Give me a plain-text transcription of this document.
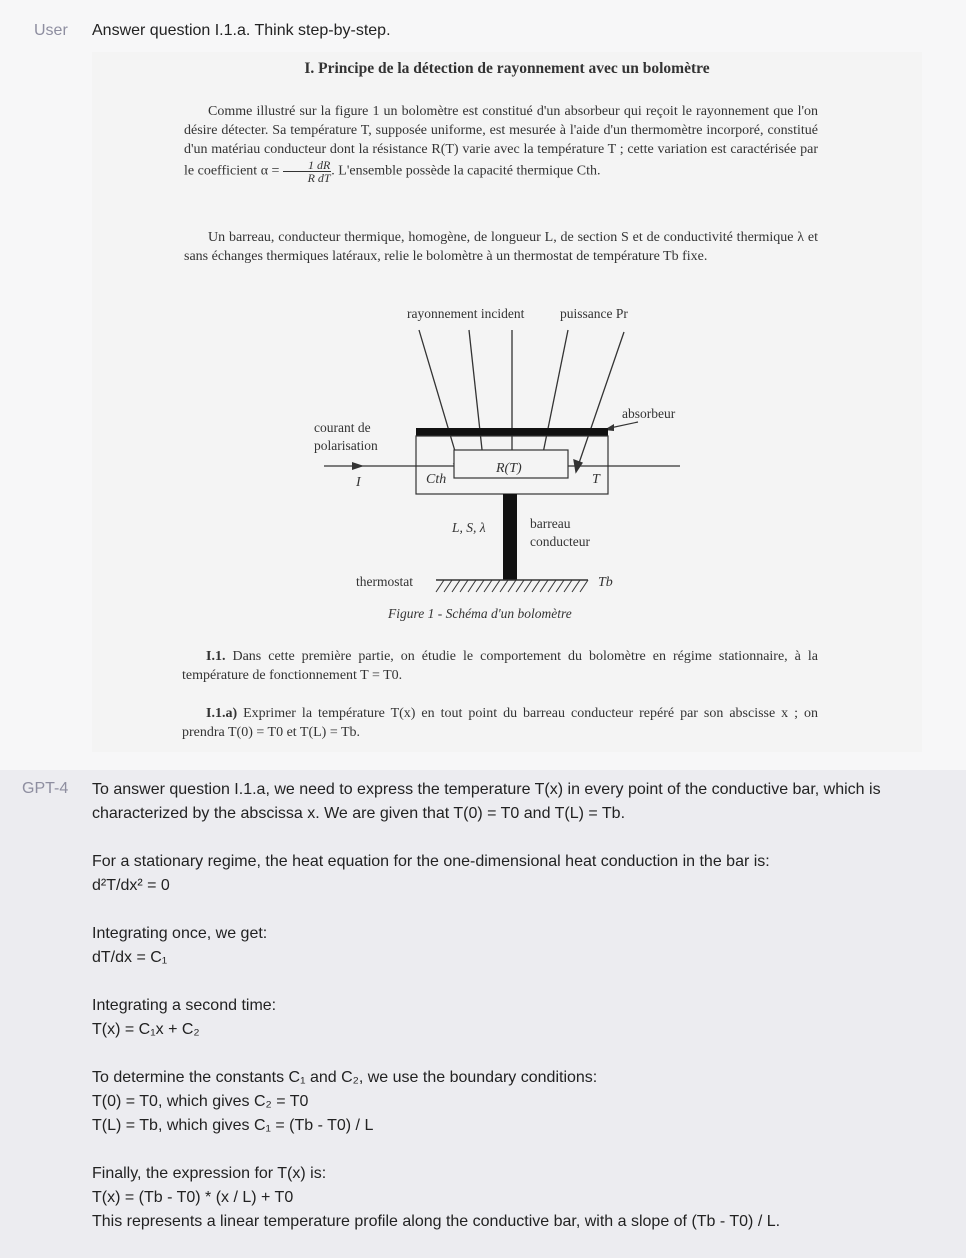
User Answer question I.1.a. Think step-by-step.
I. Principe de la détection de rayonnement avec un bolomètre
Comme illustré sur la figure 1 un bolomètre est constitué d'un absorbeur qui reçoit le rayonnement que l'on désire détecter. Sa température T, supposée uniforme, est mesurée à l'aide d'un thermomètre incorporé, constitué d'un matériau conducteur dont la résistance R(T) varie avec la température T ; cette variation est caractérisée par le coefficient $\alpha = \frac{1 dR}{\text{R dT}}$ . L'ensemble possède la capacité thermique Cth.
Un barreau, conducteur thermique, homogène, de longueur L, de section S et de conductivité thermique λ et sans échanges thermiques latéraux, relie le bolomètre à un thermostat de température Tb fixe.
rayonnement incident	puissance Pr
absorbeur
courant de
polarisation
I	Cth
R(T)
T
L, S, λ	barreau
conducteur
thermostat	Tb
Figure 1 - Schéma d'un bolomètre
I.1. Dans cette première partie, on étudie le comportement du bolomètre en régime stationnaire, à la température de fonctionnement T = T0.
I.1.a) Exprimer la température T(x) en tout point du barreau conducteur repéré par son abscisse x ; on prendra T(0) = T0 et T(L) = Tb.
GPT-4 To answer question I.1.a, we need to express the temperature T(x) in every point of the conductive bar, which is characterized by the abscissa x. We are given that T(0) = T0 and T(L) = Tb.
For a stationary regime, the heat equation for the one-dimensional heat conduction in the bar is:
d²T/dx² = 0
Integrating once, we get:
dT/dx = C₁
Integrating a second time:
T(x) = C₁x + C₂
To determine the constants C₁ and C₂, we use the boundary conditions:
T(0) = T0, which gives C₂ = T0
T(L) = Tb, which gives C₁ = (Tb - T0) / L
Finally, the expression for T(x) is:
T(x) = (Tb - T0) * (x / L) + T0
This represents a linear temperature profile along the conductive bar, with a slope of (Tb - T0) / L.
